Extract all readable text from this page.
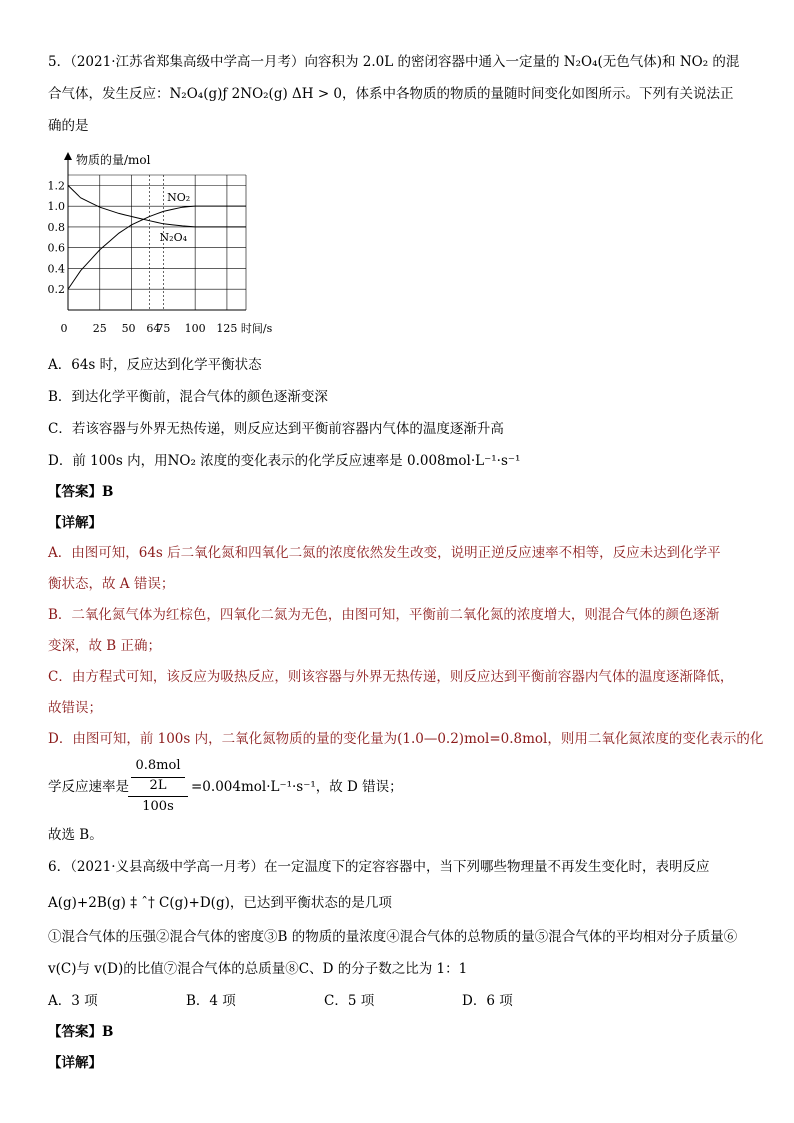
5．（2021·江苏省郑集高级中学高一月考）向容积为 2.0L 的密闭容器中通入一定量的 N₂O₄(无色气体)和 NO₂ 的混
合气体，发生反应：N₂O₄(g)ƒ 2NO₂(g) ΔH > 0，体系中各物质的物质的量随时间变化如图所示。下列有关说法正
确的是
物质的量/mol
0.2
0.4
0.6
0.8
1.0
1.2
0 25 50 64
75 100 125 时间/s
NO₂
N₂O₄
A．64s 时，反应达到化学平衡状态
B．到达化学平衡前，混合气体的颜色逐渐变深
C．若该容器与外界无热传递，则反应达到平衡前容器内气体的温度逐渐升高
D．前 100s 内，用NO₂ 浓度的变化表示的化学反应速率是 0.008mol·L⁻¹·s⁻¹
【答案】B
【详解】
A．由图可知，64s 后二氧化氮和四氧化二氮的浓度依然发生改变，说明正逆反应速率不相等，反应未达到化学平
衡状态，故 A 错误；
B．二氧化氮气体为红棕色，四氧化二氮为无色，由图可知，平衡前二氧化氮的浓度增大，则混合气体的颜色逐渐
变深，故 B 正确；
C．由方程式可知，该反应为吸热反应，则该容器与外界无热传递，则反应达到平衡前容器内气体的温度逐渐降低，
故错误；
D．由图可知，前 100s 内，二氧化氮物质的量的变化量为(1.0—0.2)mol=0.8mol，则用二氧化氮浓度的变化表示的化
学反应速率是
0.8mol
2L
100s
=0.004mol·L⁻¹·s⁻¹，故 D 错误；
故选 B。
6．（2021·义县高级中学高一月考）在一定温度下的定容容器中，当下列哪些物理量不再发生变化时，表明反应
A(g)+2B(g) ‡ ˆ† C(g)+D(g)，已达到平衡状态的是几项
①混合气体的压强②混合气体的密度③B 的物质的量浓度④混合气体的总物质的量⑤混合气体的平均相对分子质量⑥
v(C)与 v(D)的比值⑦混合气体的总质量⑧C、D 的分子数之比为 1：1
A．3 项	B．4 项	C．5 项	D．6 项
【答案】B
【详解】
